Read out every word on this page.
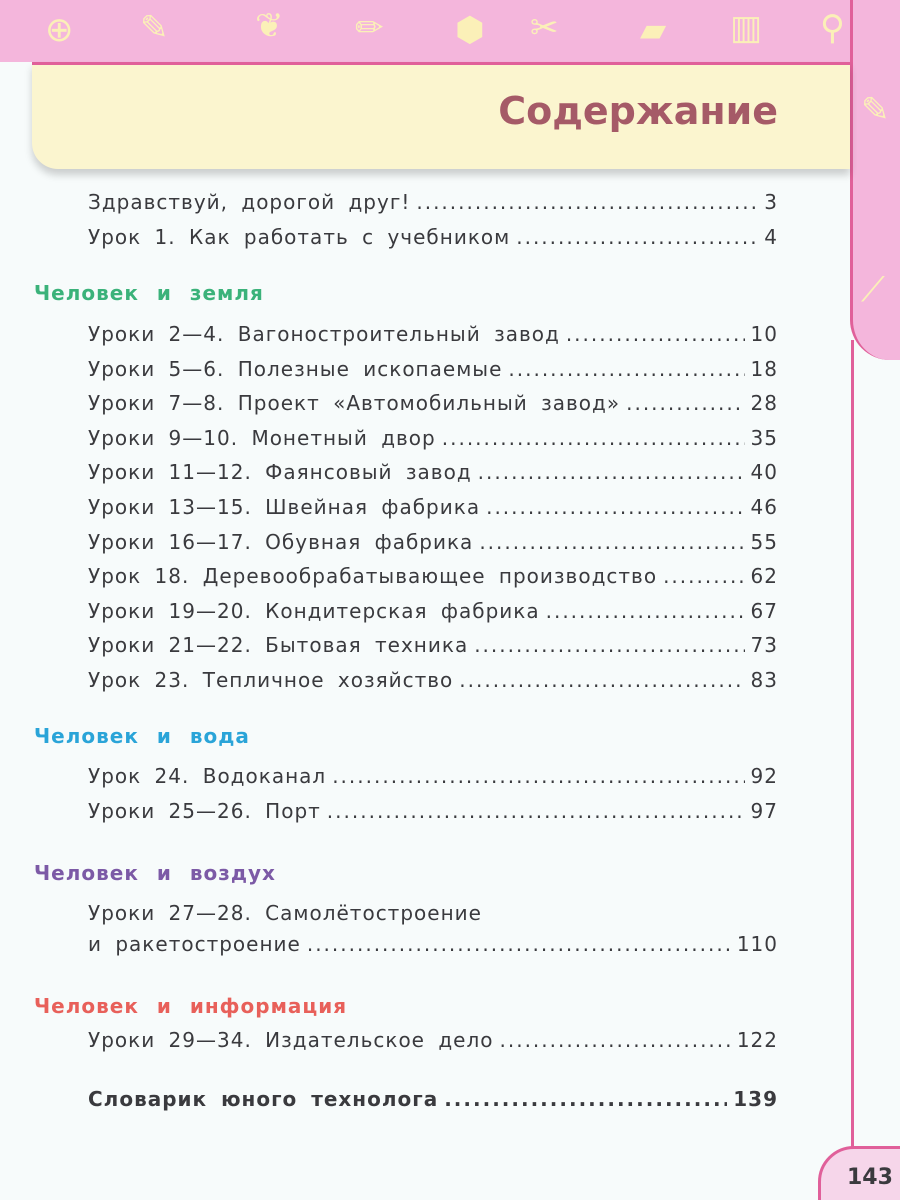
⊕ ✎	❦ ✏ ⬢ ✂ ▰ ▥ ⚲
✎
⟋
Содержание
Здравствуй, дорогой друг! .....	3
Урок 1. Как работать с учебником .....	4
Человек и земля
Человек и вода
Человек и воздух
Уроки 27—28. Самолётостроение
и ракетостроение .....	110
Человек и информация
Словарик юного технолога .....	139
143
Уроки 2—4. Вагоностроительный завод .....	10
Уроки 5—6. Полезные ископаемые .....	18
Уроки 7—8. Проект «Автомобильный завод» .....	28
Уроки 9—10. Монетный двор .....	35
Уроки 11—12. Фаянсовый завод .....	40
Уроки 13—15. Швейная фабрика .....	46
Уроки 16—17. Обувная фабрика .....	55
Урок 18. Деревообрабатывающее производство .....	62
Уроки 19—20. Кондитерская фабрика .....	67
Уроки 21—22. Бытовая техника .....	73
Урок 23. Тепличное хозяйство .....	83
Урок 24. Водоканал .....	92
Уроки 25—26. Порт .....	97
Уроки 29—34. Издательское дело .....	122
